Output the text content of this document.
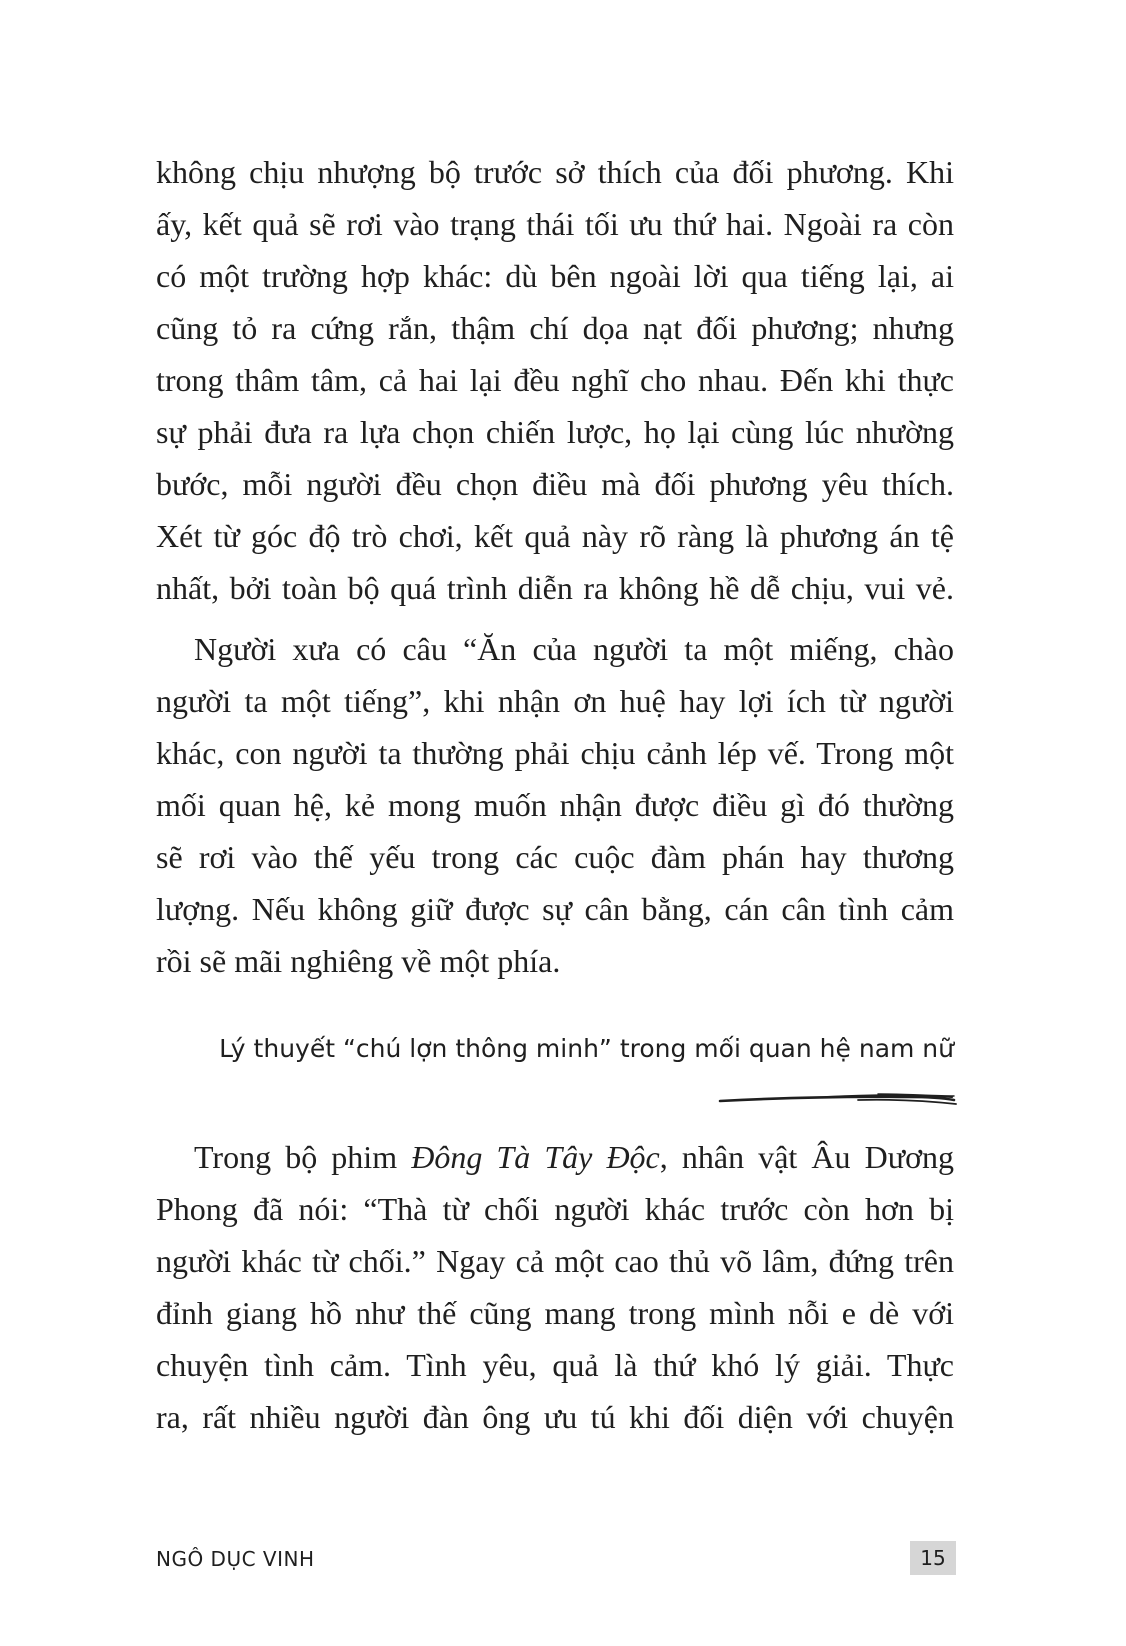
không chịu nhượng bộ trước sở thích của đối phương. Khi
ấy, kết quả sẽ rơi vào trạng thái tối ưu thứ hai. Ngoài ra còn
có một trường hợp khác: dù bên ngoài lời qua tiếng lại, ai
cũng tỏ ra cứng rắn, thậm chí dọa nạt đối phương; nhưng
trong thâm tâm, cả hai lại đều nghĩ cho nhau. Đến khi thực
sự phải đưa ra lựa chọn chiến lược, họ lại cùng lúc nhường
bước, mỗi người đều chọn điều mà đối phương yêu thích.
Xét từ góc độ trò chơi, kết quả này rõ ràng là phương án tệ
nhất, bởi toàn bộ quá trình diễn ra không hề dễ chịu, vui vẻ.
Người xưa có câu “Ăn của người ta một miếng, chào
người ta một tiếng”, khi nhận ơn huệ hay lợi ích từ người
khác, con người ta thường phải chịu cảnh lép vế. Trong một
mối quan hệ, kẻ mong muốn nhận được điều gì đó thường
sẽ rơi vào thế yếu trong các cuộc đàm phán hay thương
lượng. Nếu không giữ được sự cân bằng, cán cân tình cảm
rồi sẽ mãi nghiêng về một phía.
Lý thuyết “chú lợn thông minh” trong mối quan hệ nam nữ
Trong bộ phim Đông Tà Tây Độc, nhân vật Âu Dương
Phong đã nói: “Thà từ chối người khác trước còn hơn bị
người khác từ chối.” Ngay cả một cao thủ võ lâm, đứng trên
đỉnh giang hồ như thế cũng mang trong mình nỗi e dè với
chuyện tình cảm. Tình yêu, quả là thứ khó lý giải. Thực
ra, rất nhiều người đàn ông ưu tú khi đối diện với chuyện
NGÔ DỤC VINH	15
